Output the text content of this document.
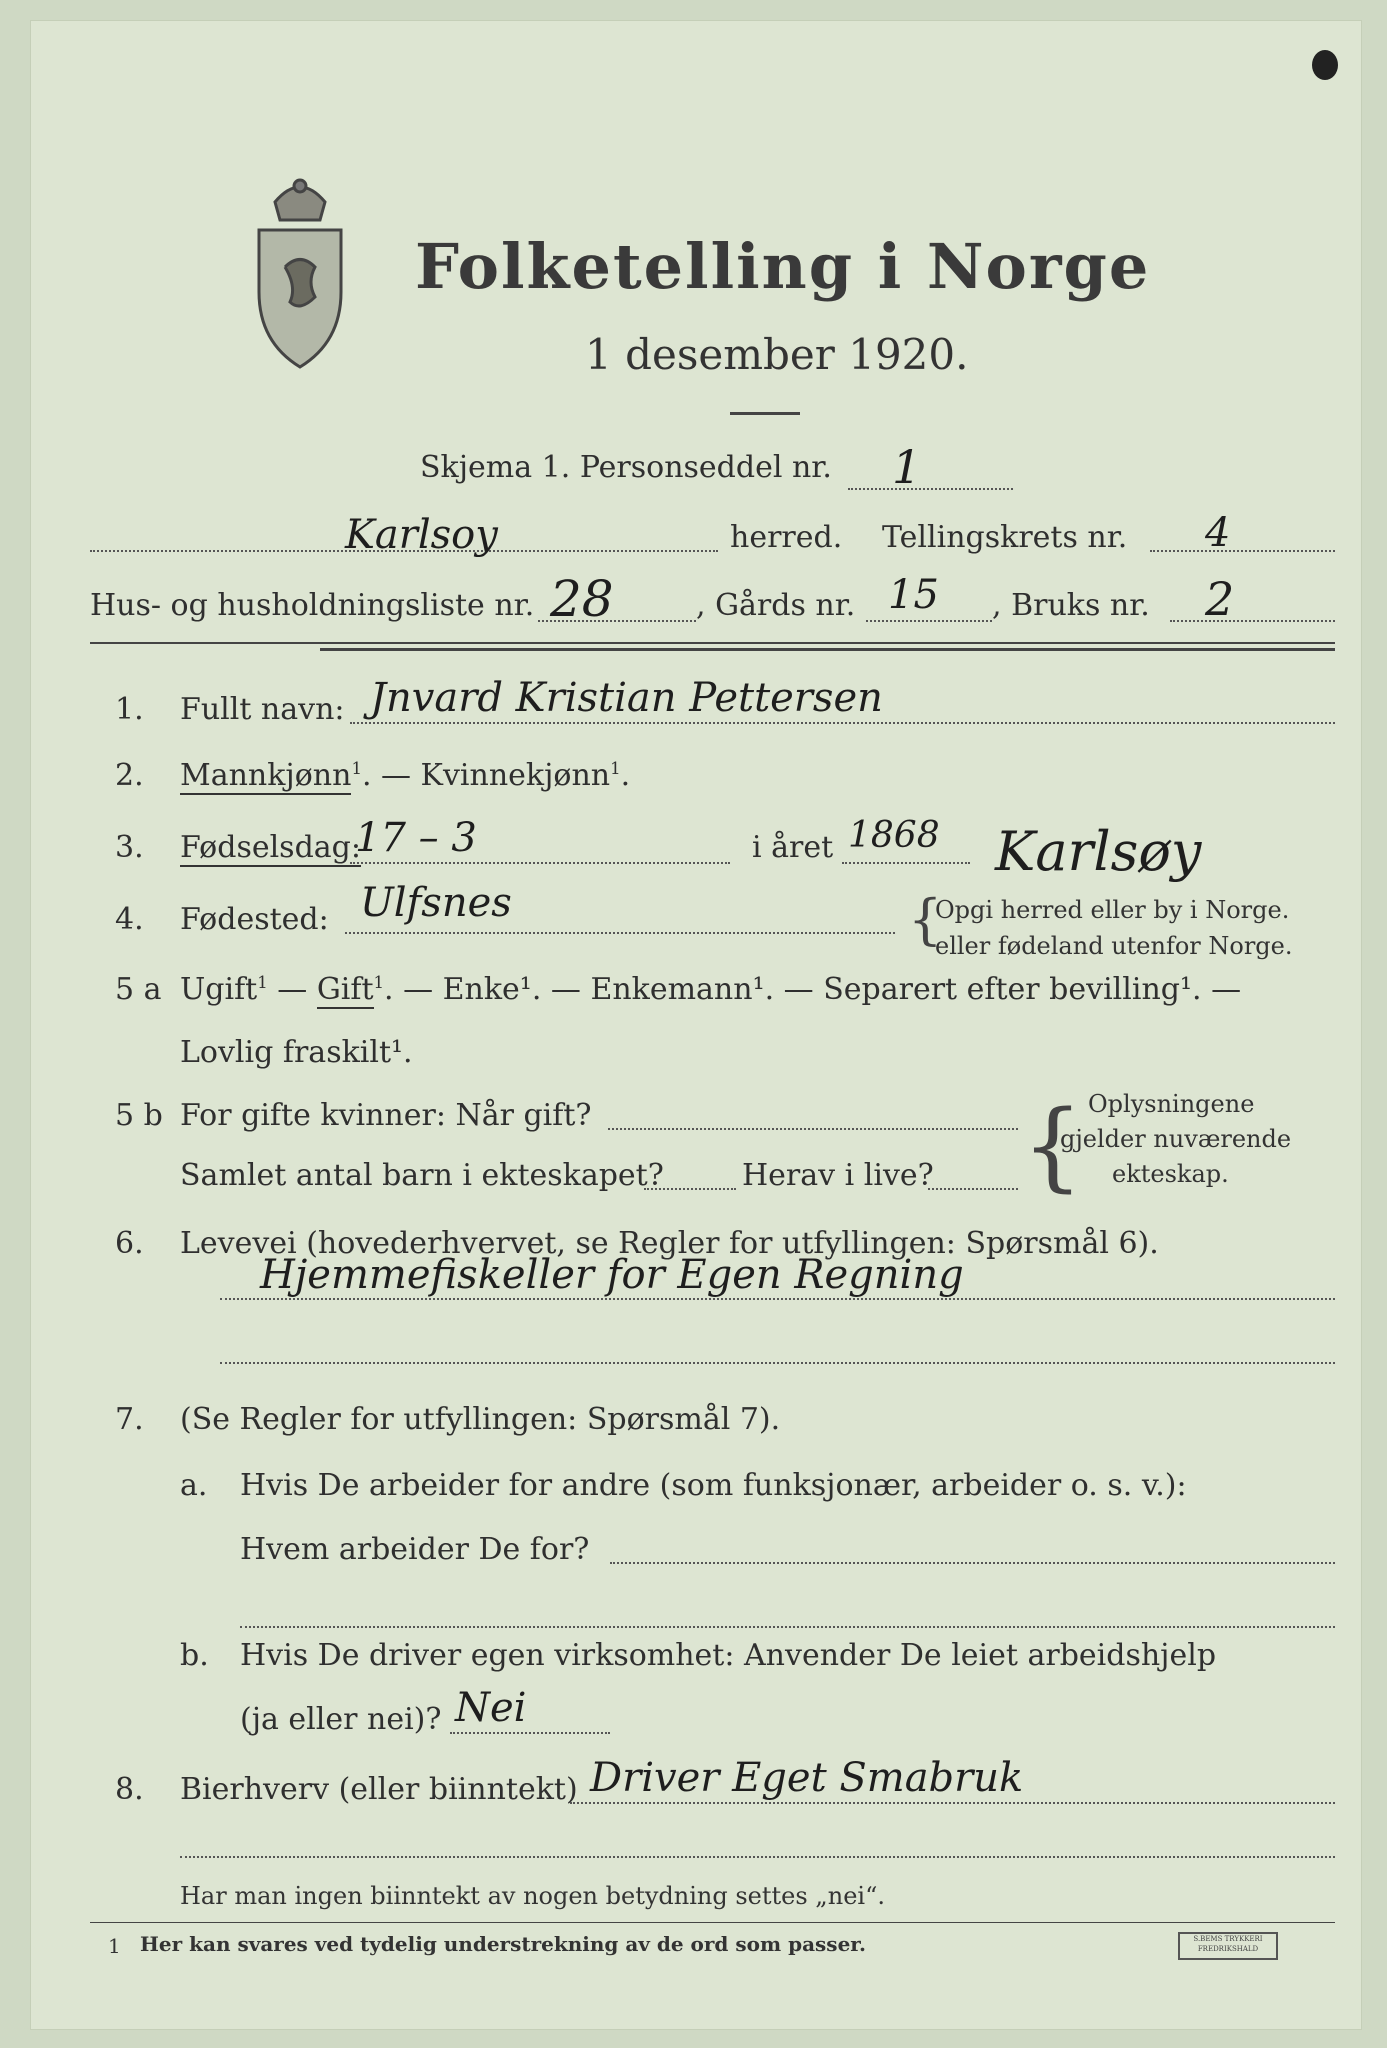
Folketelling i Norge
1 desember 1920.
Skjema 1. Personseddel nr. 1
Karlsoy	herred. Tellingskrets nr. 4
Hus- og husholdningsliste nr. 28	, Gårds nr. 15 , Bruks nr. 2
1. Fullt navn: Jnvard Kristian Pettersen
2. Mannkjønn$^1$. — Kvinnekjønn$^1$.
3. Fødselsdag:
17 – 3	i året 1868 Karlsøy
4. Fødested: Ulfsnes	{
Opgi herred eller by i Norge.
eller fødeland utenfor Norge.
5 a Ugift$^1$ — Gift$^1$. — Enke¹. — Enkemann¹. — Separert efter bevilling¹. —
Lovlig fraskilt¹.
5 b For gifte kvinner: Når gift?	{ Oplysningene
gjelder nuværende
ekteskap.
Samlet antal barn i ekteskapet?	Herav i live?
6. Levevei (hovederhvervet, se Regler for utfyllingen: Spørsmål 6).
Hjemmefiskeller for Egen Regning
7. (Se Regler for utfyllingen: Spørsmål 7).
a. Hvis De arbeider for andre (som funksjonær, arbeider o. s. v.):
Hvem arbeider De for?
b. Hvis De driver egen virksomhet: Anvender De leiet arbeidshjelp
(ja eller nei)? Nei
8. Bierhverv (eller biinntekt) Driver Eget Smabruk
Har man ingen biinntekt av nogen betydning settes „nei“.
1 Her kan svares ved tydelig understrekning av de ord som passer.	S.BEMS TRYKKERI FREDRIKSHALD
